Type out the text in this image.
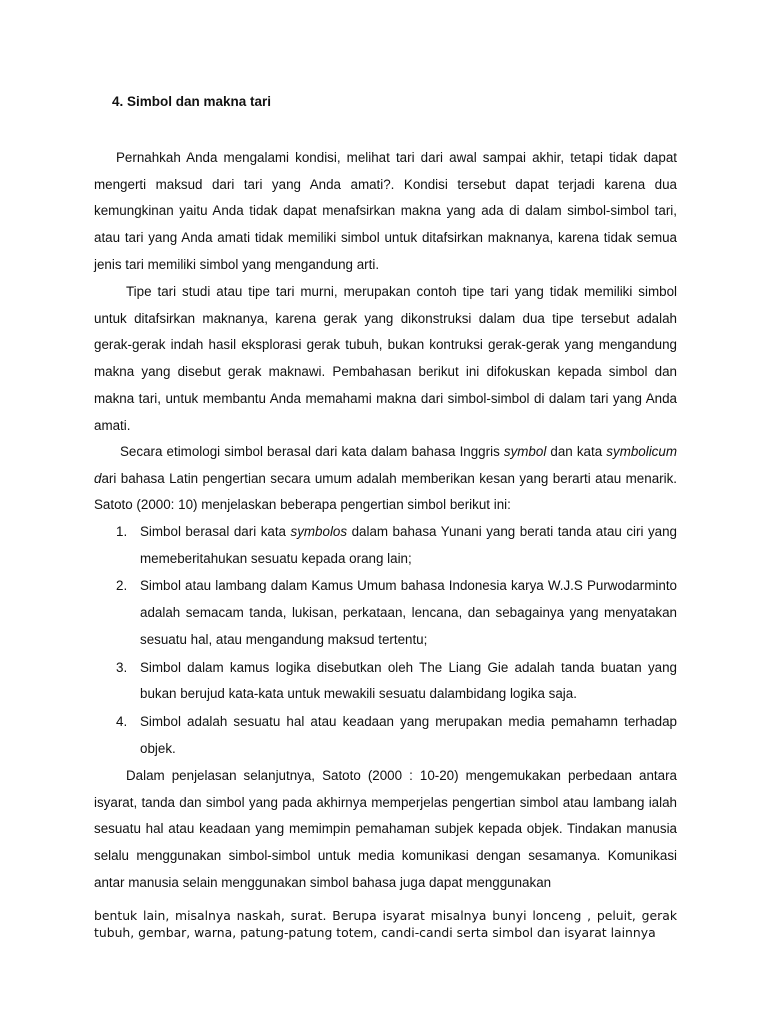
4. Simbol dan makna tari

Pernahkah Anda mengalami kondisi, melihat tari dari awal sampai akhir, tetapi tidak dapat mengerti maksud dari tari yang Anda amati?. Kondisi tersebut dapat terjadi karena dua kemungkinan yaitu Anda tidak dapat menafsirkan makna yang ada di dalam simbol-simbol tari, atau tari yang Anda amati tidak memiliki simbol untuk ditafsirkan maknanya, karena tidak semua jenis tari memiliki simbol yang mengandung arti.

Tipe tari studi atau tipe tari murni, merupakan contoh tipe tari yang tidak memiliki simbol untuk ditafsirkan maknanya, karena gerak yang dikonstruksi dalam dua tipe tersebut adalah gerak-gerak indah hasil eksplorasi gerak tubuh, bukan kontruksi gerak-gerak yang mengandung makna yang disebut gerak maknawi. Pembahasan berikut ini difokuskan kepada simbol dan makna tari, untuk membantu Anda memahami makna dari simbol-simbol di dalam tari yang Anda amati.

Secara etimologi simbol berasal dari kata dalam bahasa Inggris symbol dan kata symbolicum dari bahasa Latin pengertian secara umum adalah memberikan kesan yang berarti atau menarik. Satoto (2000: 10) menjelaskan beberapa pengertian simbol berikut ini:

1. Simbol berasal dari kata symbolos dalam bahasa Yunani yang berati tanda atau ciri yang memeberitahukan sesuatu kepada orang lain;
2. Simbol atau lambang dalam Kamus Umum bahasa Indonesia karya W.J.S Purwodarminto adalah semacam tanda, lukisan, perkataan, lencana, dan sebagainya yang menyatakan sesuatu hal, atau mengandung maksud tertentu;
3. Simbol dalam kamus logika disebutkan oleh The Liang Gie adalah tanda buatan yang bukan berujud kata-kata untuk mewakili sesuatu dalambidang logika saja.
4. Simbol adalah sesuatu hal atau keadaan yang merupakan media pemahamn terhadap objek.

Dalam penjelasan selanjutnya, Satoto (2000 : 10-20) mengemukakan perbedaan antara isyarat, tanda dan simbol yang pada akhirnya memperjelas pengertian simbol atau lambang ialah sesuatu hal atau keadaan yang memimpin pemahaman subjek kepada objek. Tindakan manusia selalu menggunakan simbol-simbol untuk media komunikasi dengan sesamanya. Komunikasi antar manusia selain menggunakan simbol bahasa juga dapat menggunakan

bentuk lain, misalnya naskah, surat. Berupa isyarat misalnya bunyi lonceng , peluit, gerak tubuh, gembar, warna, patung-patung totem, candi-candi serta simbol dan isyarat lainnya
